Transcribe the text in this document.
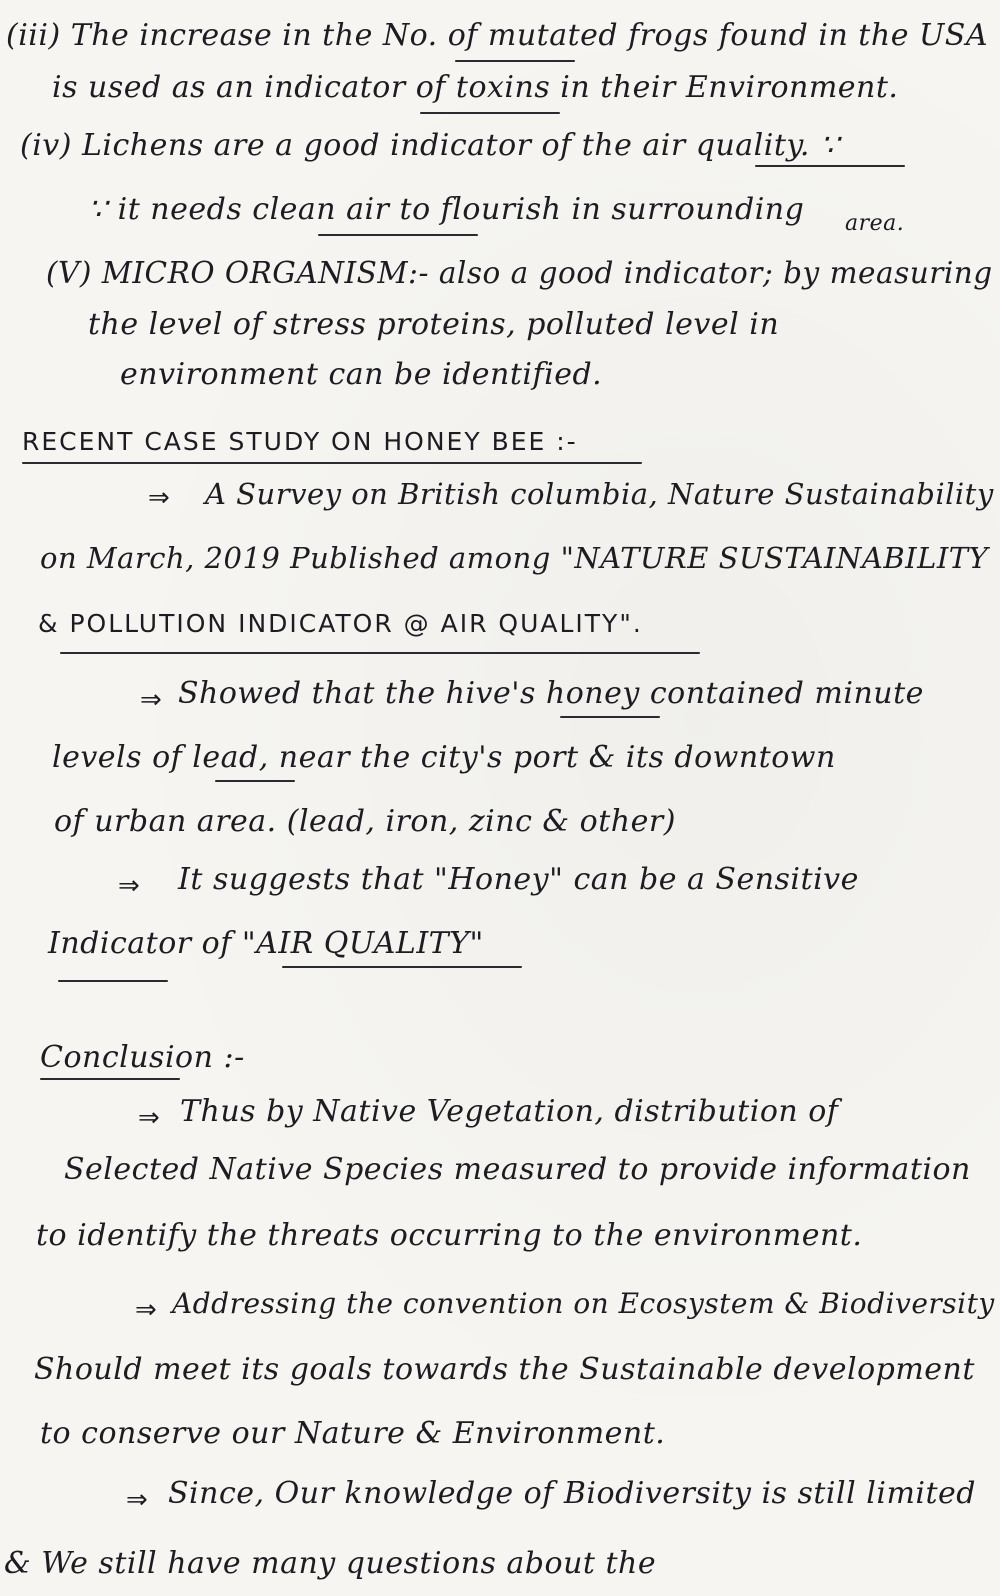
(iii) The increase in the No. of mutated frogs found in the USA
is used as an indicator of toxins in their Environment.
(iv) Lichens are a good indicator of the air quality. ∵
∵ it needs clean air to flourish in surrounding area.
(V) MICRO ORGANISM:- also a good indicator; by measuring
the level of stress proteins, polluted level in
environment can be identified.
RECENT CASE STUDY ON HONEY BEE :-
⇒ A Survey on British columbia, Nature Sustainability
on March, 2019 Published among "NATURE SUSTAINABILITY
& POLLUTION INDICATOR @ AIR QUALITY".
⇒ Showed that the hive's honey contained minute
levels of lead, near the city's port & its downtown
of urban area. (lead, iron, zinc & other)
⇒ It suggests that "Honey" can be a Sensitive
Indicator of "AIR QUALITY"
Conclusion :-
⇒ Thus by Native Vegetation, distribution of
Selected Native Species measured to provide information
to identify the threats occurring to the environment.
⇒ Addressing the convention on Ecosystem & Biodiversity
Should meet its goals towards the Sustainable development
to conserve our Nature & Environment.
⇒ Since, Our knowledge of Biodiversity is still limited
& We still have many questions about the
